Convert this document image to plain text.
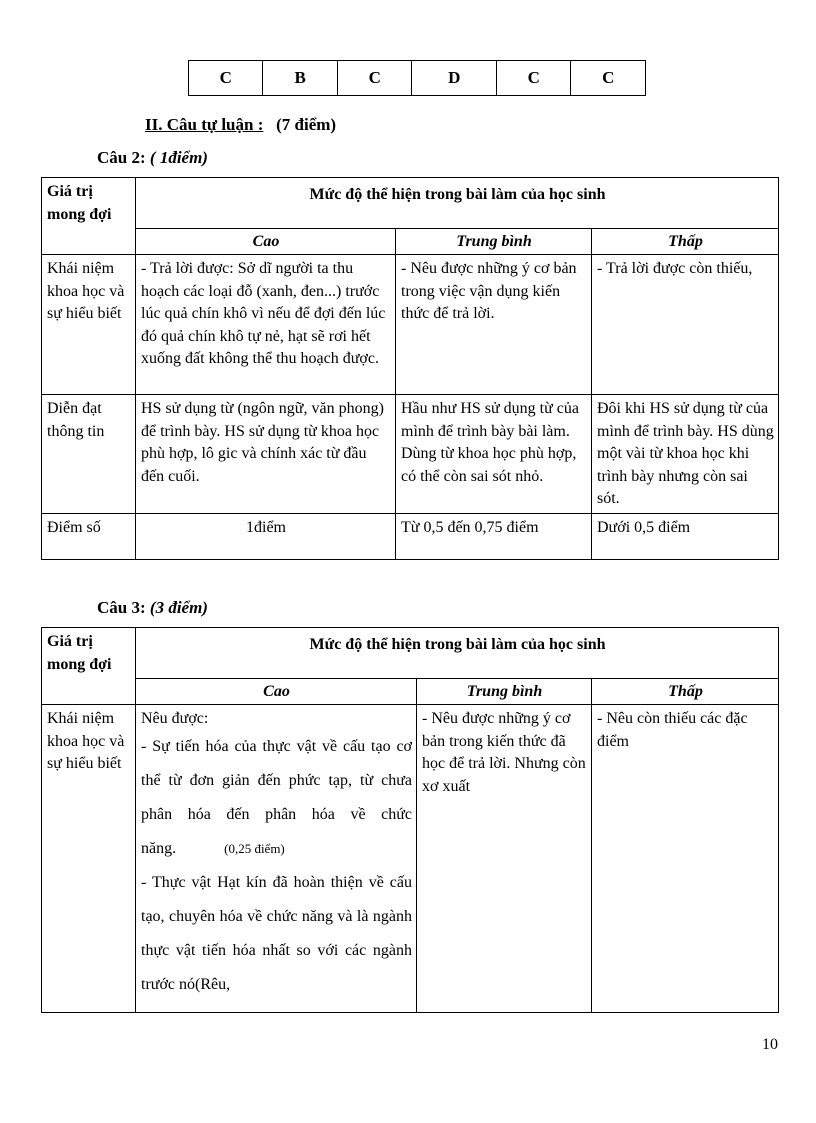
C	B	C	D	C	C
II. Câu tự luận : (7 điểm)
Câu 2: ( 1điểm)
Giá trị mong đợi	Mức độ thể hiện trong bài làm của học sinh		
	Cao	Trung bình	Thấp
Khái niệm khoa học và sự hiểu biết	- Trả lời được: Sở dĩ người ta thu hoạch các loại đỗ (xanh, đen...) trước lúc quả chín khô vì nếu để đợi đến lúc đó quả chín khô tự nẻ, hạt sẽ rơi hết xuống đất không thể thu hoạch được.	- Nêu được những ý cơ bản trong việc vận dụng kiến thức để trả lời.	- Trả lời được còn thiếu,
Diễn đạt thông tin	HS sử dụng từ (ngôn ngữ, văn phong) để trình bày. HS sử dụng từ khoa học phù hợp, lô gic và chính xác từ đầu đến cuối.	Hầu như HS sử dụng từ của mình để trình bày bài làm. Dùng từ khoa học phù hợp, có thể còn sai sót nhỏ.	Đôi khi HS sử dụng từ của mình để trình bày. HS dùng một vài từ khoa học khi trình bày nhưng còn sai sót.
Điểm số	1điểm	Từ 0,5 đến 0,75 điểm	Dưới 0,5 điểm
Câu 3: (3 điểm)
Giá trị mong đợi	Mức độ thể hiện trong bài làm của học sinh		
	Cao	Trung bình	Thấp
Khái niệm khoa học và sự hiểu biết	Nêu được:
- Sự tiến hóa của thực vật về cấu tạo cơ thể từ đơn giản đến phức tạp, từ chưa phân hóa đến phân hóa về chức năng. (0,25 điểm)
- Thực vật Hạt kín đã hoàn thiện về cấu tạo, chuyên hóa về chức năng và là ngành thực vật tiến hóa nhất so với các ngành trước nó(Rêu,	- Nêu được những ý cơ bản trong kiến thức đã học để trả lời. Nhưng còn xơ xuất	- Nêu còn thiếu các đặc điểm
10
